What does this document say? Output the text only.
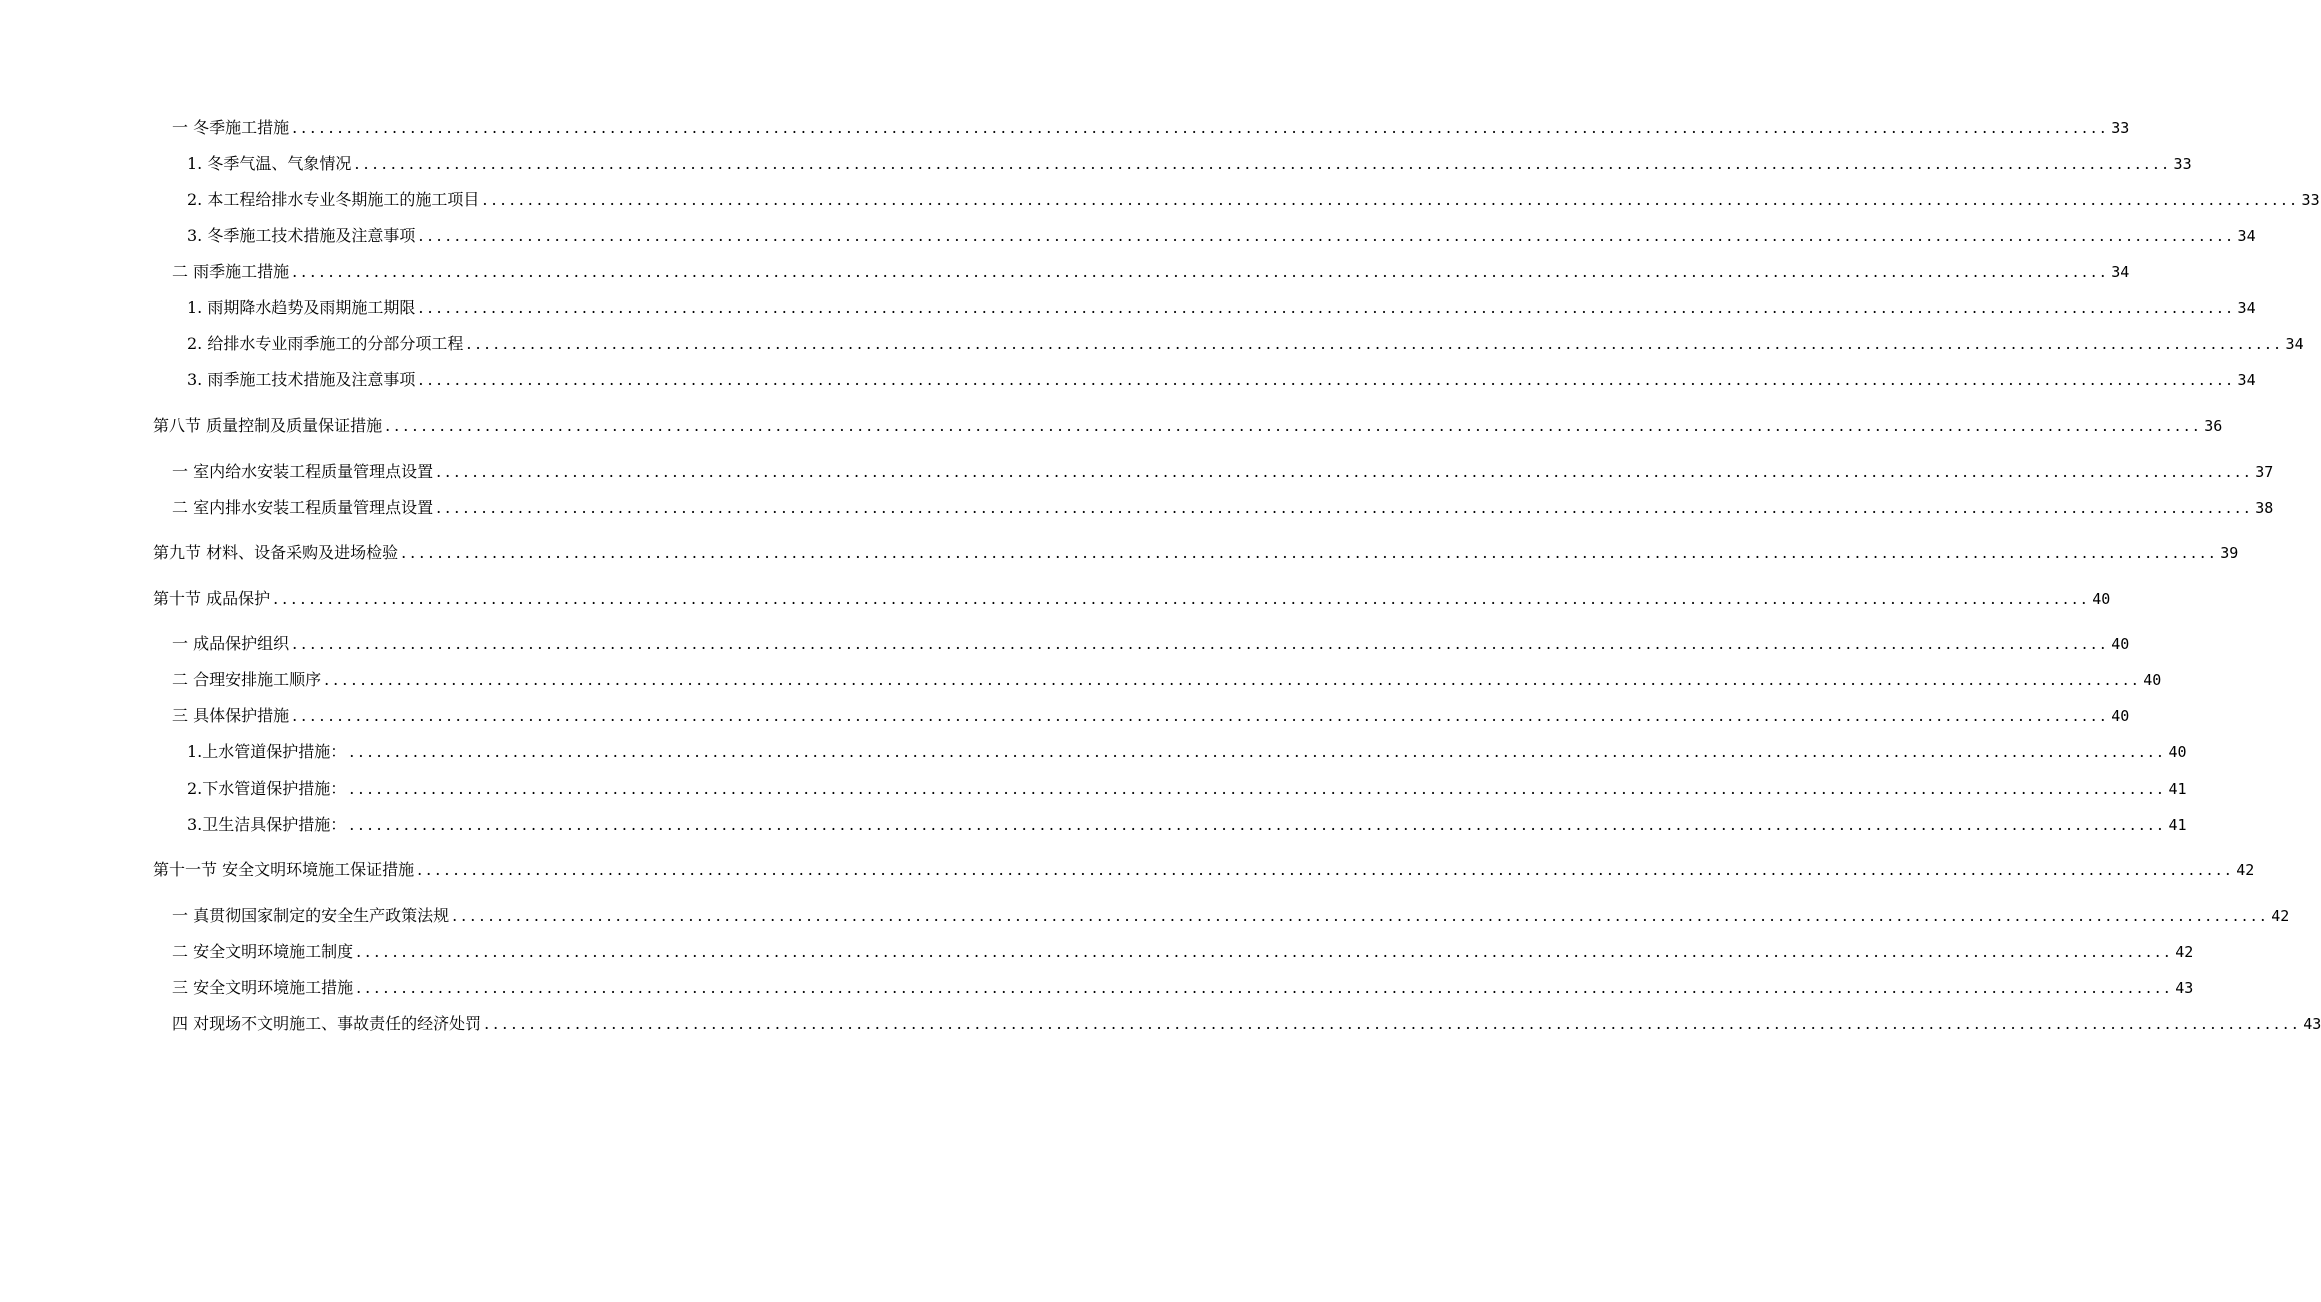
一 冬季施工措施 ........................................................................................................................................................................................................ 33
1. 冬季气温、气象情况 ........................................................................................................................................................................................................ 33
2. 本工程给排水专业冬期施工的施工项目 ........................................................................................................................................................................................................ 33
3. 冬季施工技术措施及注意事项 ........................................................................................................................................................................................................ 34
二 雨季施工措施 ........................................................................................................................................................................................................ 34
1. 雨期降水趋势及雨期施工期限 ........................................................................................................................................................................................................ 34
2. 给排水专业雨季施工的分部分项工程 ........................................................................................................................................................................................................ 34
3. 雨季施工技术措施及注意事项 ........................................................................................................................................................................................................ 34
第八节 质量控制及质量保证措施 ........................................................................................................................................................................................................ 36
一 室内给水安装工程质量管理点设置 ........................................................................................................................................................................................................ 37
二 室内排水安装工程质量管理点设置 ........................................................................................................................................................................................................ 38
第九节 材料、设备采购及进场检验 ........................................................................................................................................................................................................ 39
第十节 成品保护 ........................................................................................................................................................................................................ 40
一 成品保护组织 ........................................................................................................................................................................................................ 40
二 合理安排施工顺序 ........................................................................................................................................................................................................ 40
三 具体保护措施 ........................................................................................................................................................................................................ 40
1.上水管道保护措施： ........................................................................................................................................................................................................ 40
2.下水管道保护措施： ........................................................................................................................................................................................................ 41
3.卫生洁具保护措施： ........................................................................................................................................................................................................ 41
第十一节 安全文明环境施工保证措施 ........................................................................................................................................................................................................ 42
一 真贯彻国家制定的安全生产政策法规 ........................................................................................................................................................................................................ 42
二 安全文明环境施工制度 ........................................................................................................................................................................................................ 42
三 安全文明环境施工措施 ........................................................................................................................................................................................................ 43
四 对现场不文明施工、事故责任的经济处罚 ........................................................................................................................................................................................................ 43
